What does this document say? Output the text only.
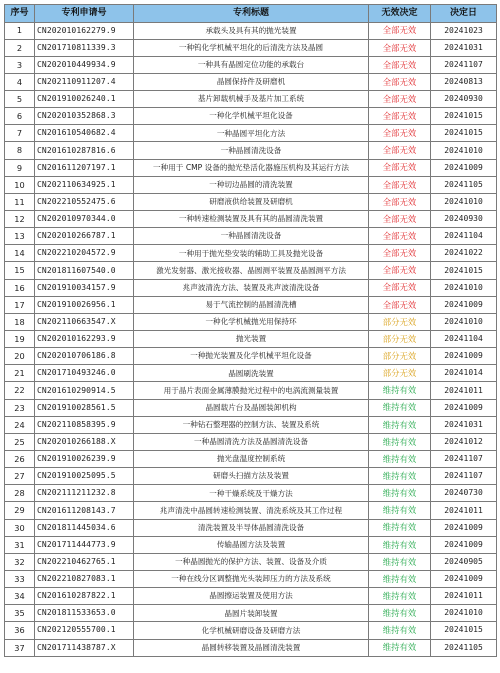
序号	专利申请号	专利标题	无效决定	决定日
1	CN202010162279.9	承载头及具有其的抛光装置	全部无效	20241023
2	CN201710811339.3	一种钨化学机械平坦化的后清洗方法及晶圆	全部无效	20241031
3	CN202010449934.9	一种具有晶圆定位功能的承载台	全部无效	20241107
4	CN202110911207.4	晶圆保持件及研磨机	全部无效	20240813
5	CN201910026240.1	基片卸载机械手及基片加工系统	全部无效	20240930
6	CN202010352868.3	一种化学机械平坦化设备	全部无效	20241015
7	CN201610540682.4	一种晶圆平坦化方法	全部无效	20241015
8	CN201610287816.6	一种晶圆清洗设备	全部无效	20241010
9	CN201611207197.1	一种用于 CMP 设备的抛光垫活化器施压机构及其运行方法	全部无效	20241009
10	CN202110634925.1	一种切边晶圆的清洗装置	全部无效	20241105
11	CN202210552475.6	研磨液供给装置及研磨机	全部无效	20241010
12	CN202010970344.0	一种转速检测装置及具有其的晶圆清洗装置	全部无效	20240930
13	CN202010266787.1	一种晶圆清洗设备	全部无效	20241104
14	CN202210204572.9	一种用于抛光垫安装的辅助工具及抛光设备	全部无效	20241022
15	CN201811607540.0	激光发射器、激光接收器、晶圆测平装置及晶圆测平方法	全部无效	20241015
16	CN201910034157.9	兆声波清洗方法、装置及兆声波清洗设备	全部无效	20241010
17	CN201910026956.1	易于气流控制的晶圆清洗槽	全部无效	20241009
18	CN202110663547.X	一种化学机械抛光用保持环	部分无效	20241010
19	CN202010162293.9	抛光装置	部分无效	20241104
20	CN202010706186.8	一种抛光装置及化学机械平坦化设备	部分无效	20241009
21	CN201710493246.0	晶圆刷洗装置	部分无效	20241014
22	CN201610290914.5	用于晶片表面金属薄膜抛光过程中的电涡流测量装置	维持有效	20241011
23	CN201910028561.5	晶圆载片台及晶圆装卸机构	维持有效	20241009
24	CN202110858395.9	一种钻石整理器的控制方法、装置及系统	维持有效	20241031
25	CN202010266188.X	一种晶圆清洗方法及晶圆清洗设备	维持有效	20241012
26	CN201910026239.9	抛光盘温度控制系统	维持有效	20241107
27	CN201910025095.5	研磨头扫描方法及装置	维持有效	20241107
28	CN202111211232.8	一种干燥系统及干燥方法	维持有效	20240730
29	CN201611208143.7	兆声清洗中晶圆转速检测装置、清洗系统及其工作过程	维持有效	20241011
30	CN201811445034.6	清洗装置及半导体晶圆清洗设备	维持有效	20241009
31	CN201711444773.9	传输晶圆方法及装置	维持有效	20241009
32	CN202210462765.1	一种晶圆抛光的保护方法、装置、设备及介质	维持有效	20240905
33	CN202210827083.1	一种在线分区调整抛光头装卸压力的方法及系统	维持有效	20241009
34	CN201610287822.1	晶圆擦运装置及使用方法	维持有效	20241011
35	CN201811533653.0	晶圆片装卸装置	维持有效	20241010
36	CN202120555700.1	化学机械研磨设备及研磨方法	维持有效	20241015
37	CN201711438787.X	晶圆转移装置及晶圆清洗装置	维持有效	20241105
